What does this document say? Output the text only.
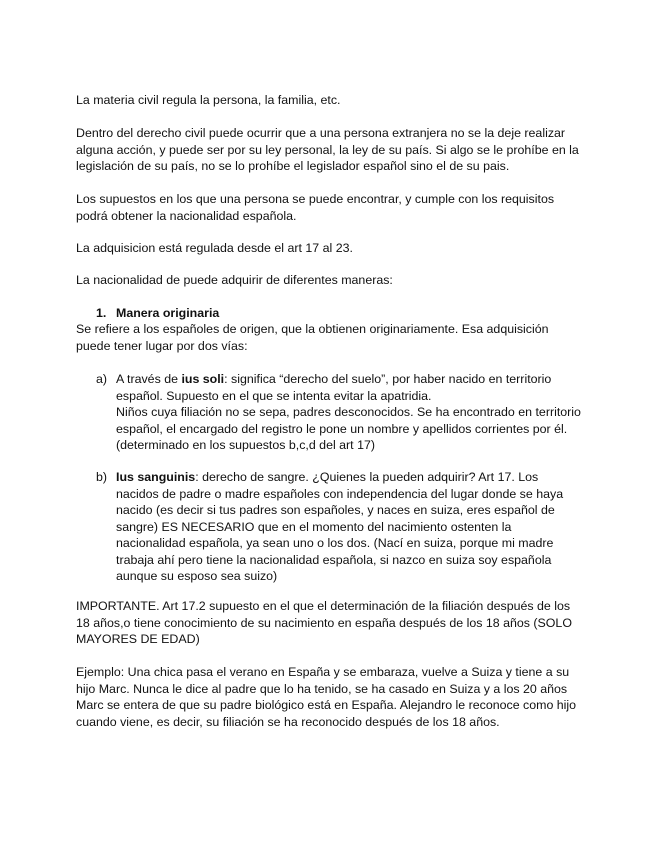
La materia civil regula la persona, la familia, etc.

Dentro del derecho civil puede ocurrir que a una persona extranjera no se la deje realizar
alguna acción, y puede ser por su ley personal, la ley de su país. Si algo se le prohíbe en la
legislación de su país, no se lo prohíbe el legislador español sino el de su pais.

Los supuestos en los que una persona se puede encontrar, y cumple con los requisitos
podrá obtener la nacionalidad española.

La adquisicion está regulada desde el art 17 al 23.

La nacionalidad de puede adquirir de diferentes maneras:

1. Manera originaria

Se refiere a los españoles de origen, que la obtienen originariamente. Esa adquisición
puede tener lugar por dos vías:

a) A través de ius soli: significa “derecho del suelo”, por haber nacido en territorio
español. Supuesto en el que se intenta evitar la apatridia.
Niños cuya filiación no se sepa, padres desconocidos. Se ha encontrado en territorio
español, el encargado del registro le pone un nombre y apellidos corrientes por él.
(determinado en los supuestos b,c,d del art 17)
b) Ius sanguinis: derecho de sangre. ¿Quienes la pueden adquirir? Art 17. Los
nacidos de padre o madre españoles con independencia del lugar donde se haya
nacido (es decir si tus padres son españoles, y naces en suiza, eres español de
sangre) ES NECESARIO que en el momento del nacimiento ostenten la
nacionalidad española, ya sean uno o los dos. (Nací en suiza, porque mi madre
trabaja ahí pero tiene la nacionalidad española, si nazco en suiza soy española
aunque su esposo sea suizo)

IMPORTANTE. Art 17.2 supuesto en el que el determinación de la filiación después de los
18 años,o tiene conocimiento de su nacimiento en españa después de los 18 años (SOLO
MAYORES DE EDAD)

Ejemplo: Una chica pasa el verano en España y se embaraza, vuelve a Suiza y tiene a su
hijo Marc. Nunca le dice al padre que lo ha tenido, se ha casado en Suiza y a los 20 años
Marc se entera de que su padre biológico está en España. Alejandro le reconoce como hijo
cuando viene, es decir, su filiación se ha reconocido después de los 18 años.
